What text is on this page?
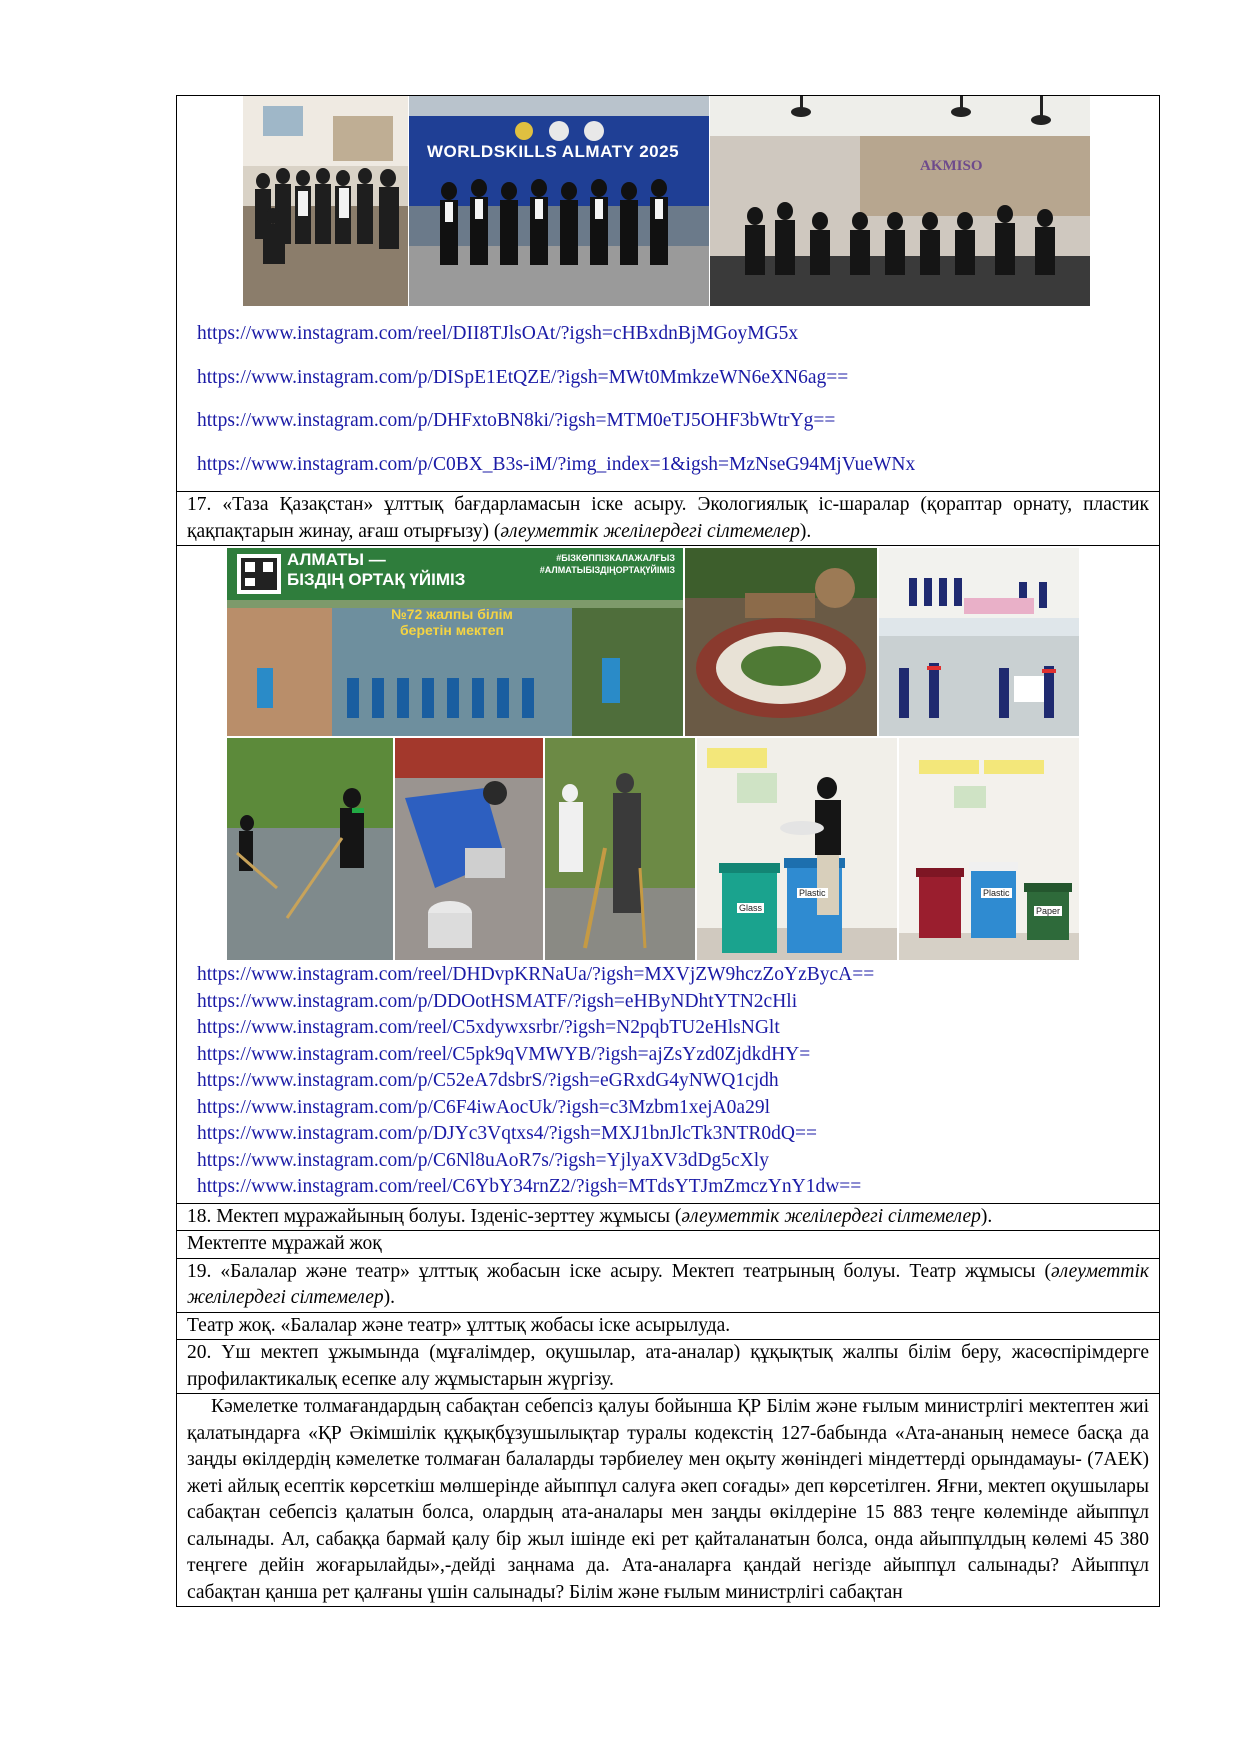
WORLDSKILLS ALMATY 2025
AKMISO
https://www.instagram.com/reel/DII8TJlsOAt/?igsh=cHBxdnBjMGoyMG5x
https://www.instagram.com/p/DISpE1EtQZE/?igsh=MWt0MmkzeWN6eXN6ag==
https://www.instagram.com/p/DHFxtoBN8ki/?igsh=MTM0eTJ5OHF3bWtrYg==
https://www.instagram.com/p/C0BX_B3s-iM/?img_index=1&igsh=MzNseG94MjVueWNx

17. «Таза Қазақстан» ұлттық бағдарламасын іске асыру. Экологиялық іс-шаралар (қорaптар орнату, пластик қақпақтарын жинау, ағаш отырғызу) (әлеуметтік желілердегі сілтемелер).

АЛМАТЫ —
БІЗДІҢ ОРТАҚ ҮЙІМІЗ
#БІЗКӨППІЗКАЛАЖАЛҒЫЗ
#АЛМАТЫБІЗДІҢОРТАҚҮЙІМІЗ
№72 жалпы білім беретін мектеп
Glass
Plastic	Plastic
Paper
https://www.instagram.com/reel/DHDvpKRNaUa/?igsh=MXVjZW9hczZoYzBycA==
https://www.instagram.com/p/DDOotHSMATF/?igsh=eHByNDhtYTN2cHli
https://www.instagram.com/reel/C5xdywxsrbr/?igsh=N2pqbTU2eHlsNGlt
https://www.instagram.com/reel/C5pk9qVMWYB/?igsh=ajZsYzd0ZjdkdHY=
https://www.instagram.com/p/C52eA7dsbrS/?igsh=eGRxdG4yNWQ1cjdh
https://www.instagram.com/p/C6F4iwAocUk/?igsh=c3Mzbm1xejA0a29l
https://www.instagram.com/p/DJYc3Vqtxs4/?igsh=MXJ1bnJlcTk3NTR0dQ==
https://www.instagram.com/p/C6Nl8uAoR7s/?igsh=YjlyaXV3dDg5cXly
https://www.instagram.com/reel/C6YbY34rnZ2/?igsh=MTdsYTJmZmczYnY1dw==

18. Мектеп мұражайының болуы. Ізденіс-зерттеу жұмысы (әлеуметтік желілердегі сілтемелер).
Мектепте мұражай жоқ
19. «Балалар және театр» ұлттық жобасын іске асыру. Мектеп театрының болуы. Театр жұмысы (әлеуметтік желілердегі сілтемелер).
Театр жоқ. «Балалар және театр» ұлттық жобасы іске асырылуда.
20. Үш мектеп ұжымында (мұғалімдер, оқушылар, ата-аналар) құқықтық жалпы білім беру, жасөспірімдерге профилактикалық есепке алу жұмыстарын жүргізу.

Кәмелетке толмағандардың сабақтан себепсіз қалуы бойынша ҚР Білім және ғылым министрлігі мектептен жиі қалатындарға «ҚР Әкімшілік құқықбұзушылықтар туралы кодекстің 127-бабында «Ата-ананың немесе басқа да заңды өкілдердің кәмелетке толмаған балаларды тәрбиелеу мен оқыту жөніндегі міндеттерді орындамауы- (7АЕК) жеті айлық есептік көрсеткіш мөлшерінде айыппұл салуға әкеп соғады» деп көрсетілген. Яғни, мектеп оқушылары сабақтан себепсіз қалатын болса, олардың ата-аналары мен заңды өкілдеріне 15 883 теңге көлемінде айыппұл салынады. Ал, сабаққа бармай қалу бір жыл ішінде екі рет қайталанатын болса, онда айыппұлдың көлемі 45 380 теңгеге дейін жоғарылайды»,-дейді заңнама да. Ата-аналарға қандай негізде айыппұл салынады? Айыппұл сабақтан қанша рет қалғаны үшін салынады? Білім және ғылым министрлігі сабақтан
